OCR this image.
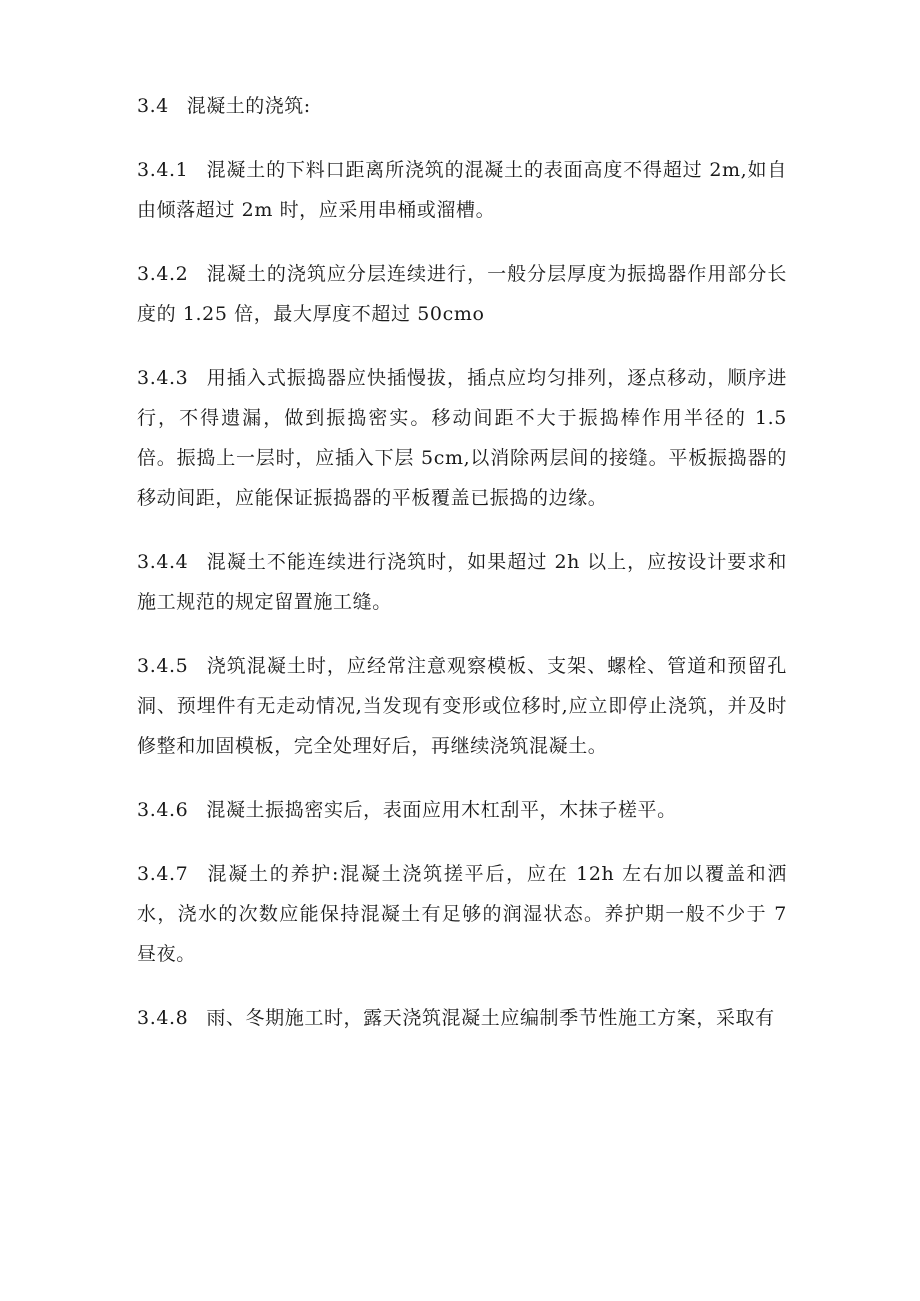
3.4 混凝土的浇筑:

3.4.1 混凝土的下料口距离所浇筑的混凝土的表面高度不得超过 2m,如自由倾落超过 2m 时，应采用串桶或溜槽。

3.4.2 混凝土的浇筑应分层连续进行，一般分层厚度为振捣器作用部分长度的 1.25 倍，最大厚度不超过 50cmo

3.4.3 用插入式振捣器应快插慢拔，插点应均匀排列，逐点移动，顺序进行，不得遗漏，做到振捣密实。移动间距不大于振捣棒作用半径的 1.5 倍。振捣上一层时，应插入下层 5cm,以消除两层间的接缝。平板振捣器的移动间距，应能保证振捣器的平板覆盖已振捣的边缘。

3.4.4 混凝土不能连续进行浇筑时，如果超过 2h 以上，应按设计要求和施工规范的规定留置施工缝。

3.4.5 浇筑混凝土时，应经常注意观察模板、支架、螺栓、管道和预留孔洞、预埋件有无走动情况,当发现有变形或位移时,应立即停止浇筑，并及时修整和加固模板，完全处理好后，再继续浇筑混凝土。

3.4.6 混凝土振捣密实后，表面应用木杠刮平，木抹子槎平。

3.4.7 混凝土的养护:混凝土浇筑搓平后，应在 12h 左右加以覆盖和洒水，浇水的次数应能保持混凝土有足够的润湿状态。养护期一般不少于 7 昼夜。

3.4.8 雨、冬期施工时，露天浇筑混凝土应编制季节性施工方案，采取有
